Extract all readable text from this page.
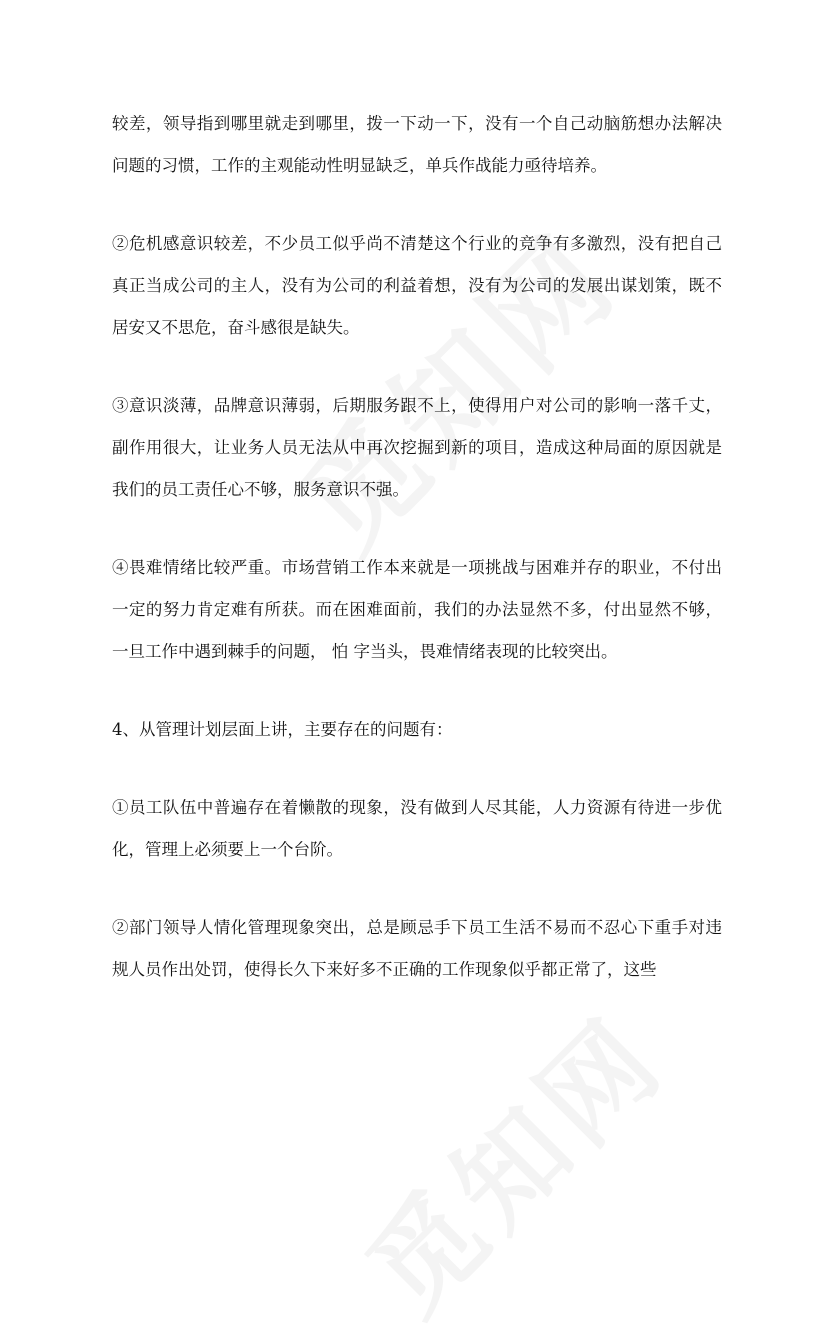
较差，领导指到哪里就走到哪里，拨一下动一下，没有一个自己动脑筋想办法解决问题的习惯，工作的主观能动性明显缺乏，单兵作战能力亟待培养。

②危机感意识较差，不少员工似乎尚不清楚这个行业的竞争有多激烈，没有把自己真正当成公司的主人，没有为公司的利益着想，没有为公司的发展出谋划策，既不居安又不思危，奋斗感很是缺失。

③意识淡薄，品牌意识薄弱，后期服务跟不上，使得用户对公司的影响一落千丈，副作用很大，让业务人员无法从中再次挖掘到新的项目，造成这种局面的原因就是我们的员工责任心不够，服务意识不强。

④畏难情绪比较严重。市场营销工作本来就是一项挑战与困难并存的职业，不付出一定的努力肯定难有所获。而在困难面前，我们的办法显然不多，付出显然不够，一旦工作中遇到棘手的问题， 怕 字当头，畏难情绪表现的比较突出。

4、从管理计划层面上讲，主要存在的问题有：

①员工队伍中普遍存在着懒散的现象，没有做到人尽其能，人力资源有待进一步优化，管理上必须要上一个台阶。

②部门领导人情化管理现象突出，总是顾忌手下员工生活不易而不忍心下重手对违规人员作出处罚，使得长久下来好多不正确的工作现象似乎都正常了，这些
